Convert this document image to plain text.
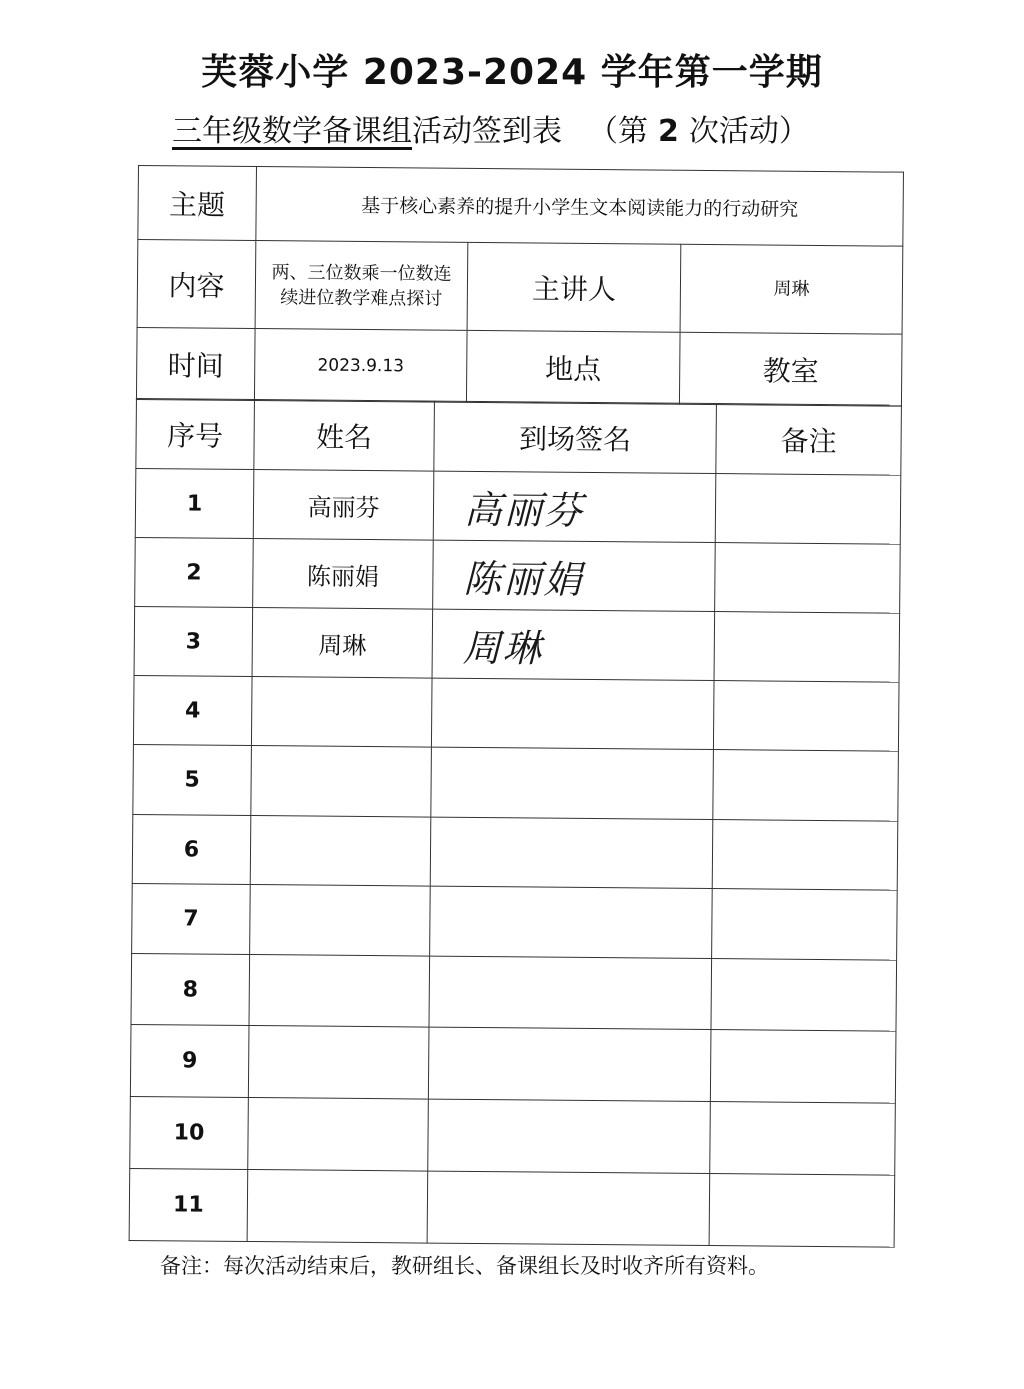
芙蓉小学 2023-2024 学年第一学期
三年级数学备课组活动签到表 （第 2 次活动）
主题	基于核心素养的提升小学生文本阅读能力的行动研究		
内容	两、三位数乘一位数连续进位教学难点探讨	主讲人	周琳
时间	2023.9.13	地点	教室
序号	姓名	到场签名	备注
1	高丽芬	高丽芬	
2	陈丽娟	陈丽娟	
3	周琳	周琳	
4			
5			
6			
7			
8			
9			
10			
11			
备注：每次活动结束后，教研组长、备课组长及时收齐所有资料。
